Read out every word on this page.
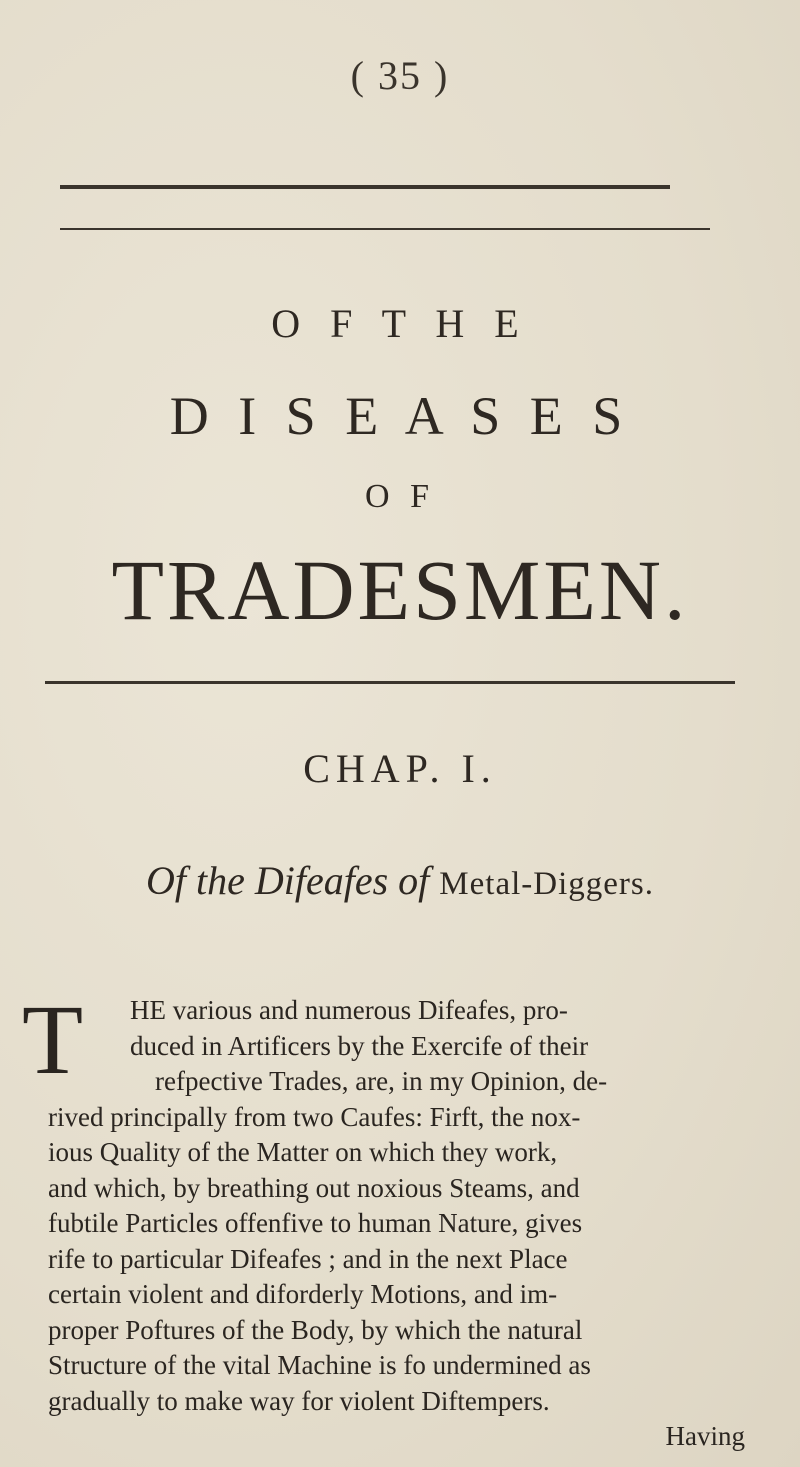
( 35 )
O F T H E
D I S E A S E S
O F
TRADESMEN.
CHAP. I.
Of the Difeafes of Metal-Diggers.
T
Having
HE various and numerous Difeafes, pro-
duced in Artificers by the Exercife of their
refpective Trades, are, in my Opinion, de-
rived principally from two Caufes: Firft, the nox-
ious Quality of the Matter on which they work,
and which, by breathing out noxious Steams, and
fubtile Particles offenfive to human Nature, gives
rife to particular Difeafes ; and in the next Place
certain violent and diforderly Motions, and im-
proper Poftures of the Body, by which the natural
Structure of the vital Machine is fo undermined as
gradually to make way for violent Diftempers.
